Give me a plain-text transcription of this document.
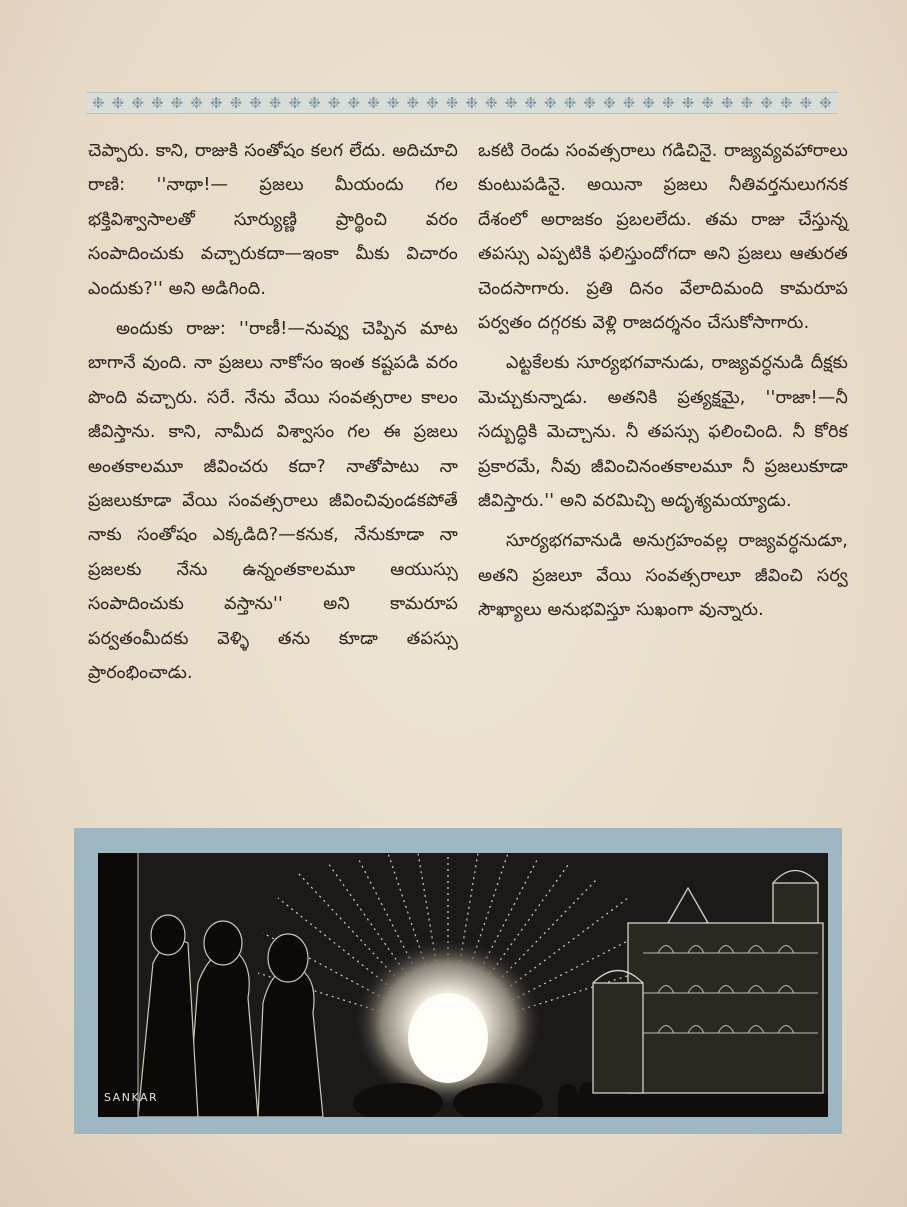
❉ ❉ ❉ ❉ ❉ ❉ ❉ ❉ ❉ ❉ ❉ ❉ ❉ ❉ ❉ ❉ ❉ ❉ ❉ ❉ ❉ ❉ ❉ ❉ ❉ ❉ ❉ ❉ ❉ ❉ ❉ ❉ ❉ ❉ ❉ ❉ ❉ ❉

చెప్పారు. కాని, రాజుకి సంతోషం కలగ లేదు. అదిచూచి రాణి: ''నాథా!— ప్రజలు మీయందు గల భక్తివిశ్వాసాలతో సూర్యుణ్ణి ప్రార్థించి వరం సంపాదించుకు వచ్చారుకదా—ఇంకా మీకు విచారం ఎందుకు?'' అని అడిగింది.

అందుకు రాజు: ''రాణీ!—నువ్వు చెప్పిన మాట బాగానే వుంది. నా ప్రజలు నాకోసం ఇంత కష్టపడి వరం పొంది వచ్చారు. సరే. నేను వేయి సంవత్సరాల కాలం జీవిస్తాను. కాని, నామీద విశ్వాసం గల ఈ ప్రజలు అంతకాలమూ జీవించరు కదా? నాతోపాటు నా ప్రజలుకూడా వేయి సంవత్సరాలు జీవించివుండకపోతే నాకు సంతోషం ఎక్కడిది?—కనుక, నేనుకూడా నా ప్రజలకు నేను ఉన్నంతకాలమూ ఆయుస్సు సంపాదించుకు వస్తాను'' అని కామరూప పర్వతంమీదకు వెళ్ళి తను కూడా తపస్సు ప్రారంభించాడు.

ఒకటి రెండు సంవత్సరాలు గడిచినై. రాజ్యవ్యవహారాలు కుంటుపడినై. అయినా ప్రజలు నీతివర్తనులుగనక దేశంలో అరాజకం ప్రబలలేదు. తమ రాజు చేస్తున్న తపస్సు ఎప్పటికి ఫలిస్తుందోగదా అని ప్రజలు ఆతురత చెందసాగారు. ప్రతి దినం వేలాదిమంది కామరూప పర్వతం దగ్గరకు వెళ్లి రాజదర్శనం చేసుకోసాగారు.

ఎట్టకేలకు సూర్యభగవానుడు, రాజ్యవర్ధనుడి దీక్షకు మెచ్చుకున్నాడు. అతనికి ప్రత్యక్షమై, ''రాజా!—నీ సద్బుద్ధికి మెచ్చాను. నీ తపస్సు ఫలించింది. నీ కోరిక ప్రకారమే, నీవు జీవించినంతకాలమూ నీ ప్రజలుకూడా జీవిస్తారు.'' అని వరమిచ్చి అదృశ్యమయ్యాడు.

సూర్యభగవానుడి అనుగ్రహంవల్ల రాజ్యవర్ధనుడూ, అతని ప్రజలూ వేయి సంవత్సరాలూ జీవించి సర్వ సౌఖ్యాలు అనుభవిస్తూ సుఖంగా వున్నారు.

SANKAR
